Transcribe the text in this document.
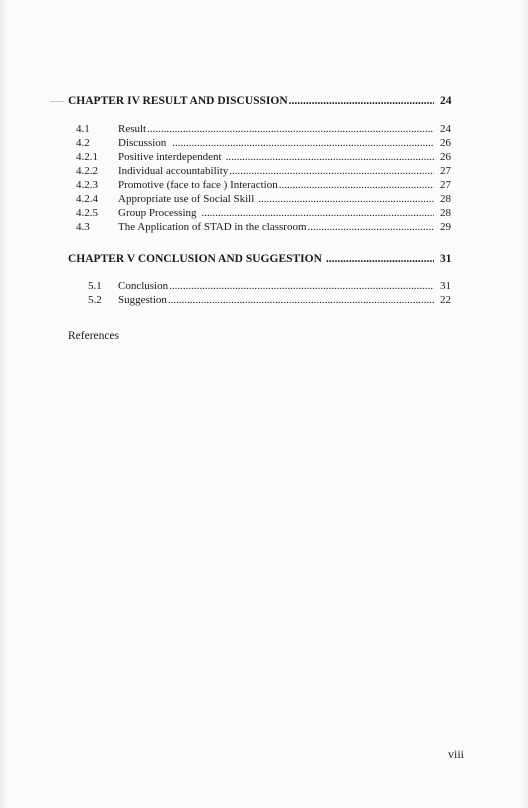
CHAPTER IV RESULT AND DISCUSSION .....	24
4.1	Result .....	24
4.2	Discussion .....	26
4.2.1	Positive interdependent .....	26
4.2.2	Individual accountability .....	27
4.2.3	Promotive (face to face ) Interaction .....	27
4.2.4	Appropriate use of Social Skill .....	28
4.2.5	Group Processing .....	28
4.3	The Application of STAD in the classroom .....	29
CHAPTER V CONCLUSION AND SUGGESTION .....	31
5.1	Conclusion .....	31
5.2	Suggestion .....	22
References
viii
